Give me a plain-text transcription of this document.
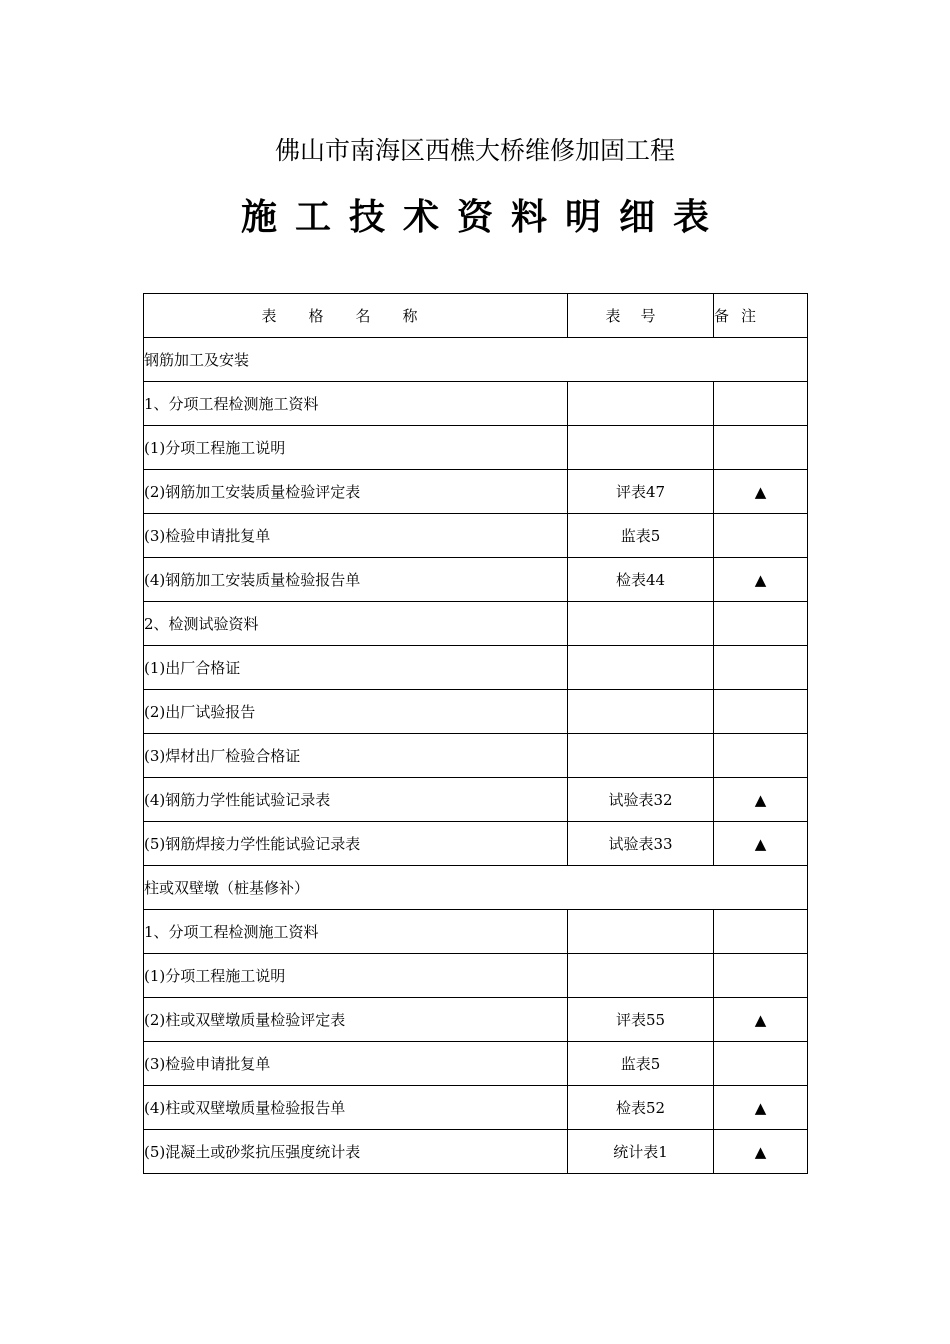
佛山市南海区西樵大桥维修加固工程
施工技术资料明细表
表格名称	表号	备注
钢筋加工及安装		
1、分项工程检测施工资料		
(1)分项工程施工说明		
(2)钢筋加工安装质量检验评定表	评表47	▲
(3)检验申请批复单	监表5	
(4)钢筋加工安装质量检验报告单	检表44	▲
2、检测试验资料		
(1)出厂合格证		
(2)出厂试验报告		
(3)焊材出厂检验合格证		
(4)钢筋力学性能试验记录表	试验表32	▲
(5)钢筋焊接力学性能试验记录表	试验表33	▲
柱或双壁墩（桩基修补）		
1、分项工程检测施工资料		
(1)分项工程施工说明		
(2)柱或双壁墩质量检验评定表	评表55	▲
(3)检验申请批复单	监表5	
(4)柱或双壁墩质量检验报告单	检表52	▲
(5)混凝土或砂浆抗压强度统计表	统计表1	▲
